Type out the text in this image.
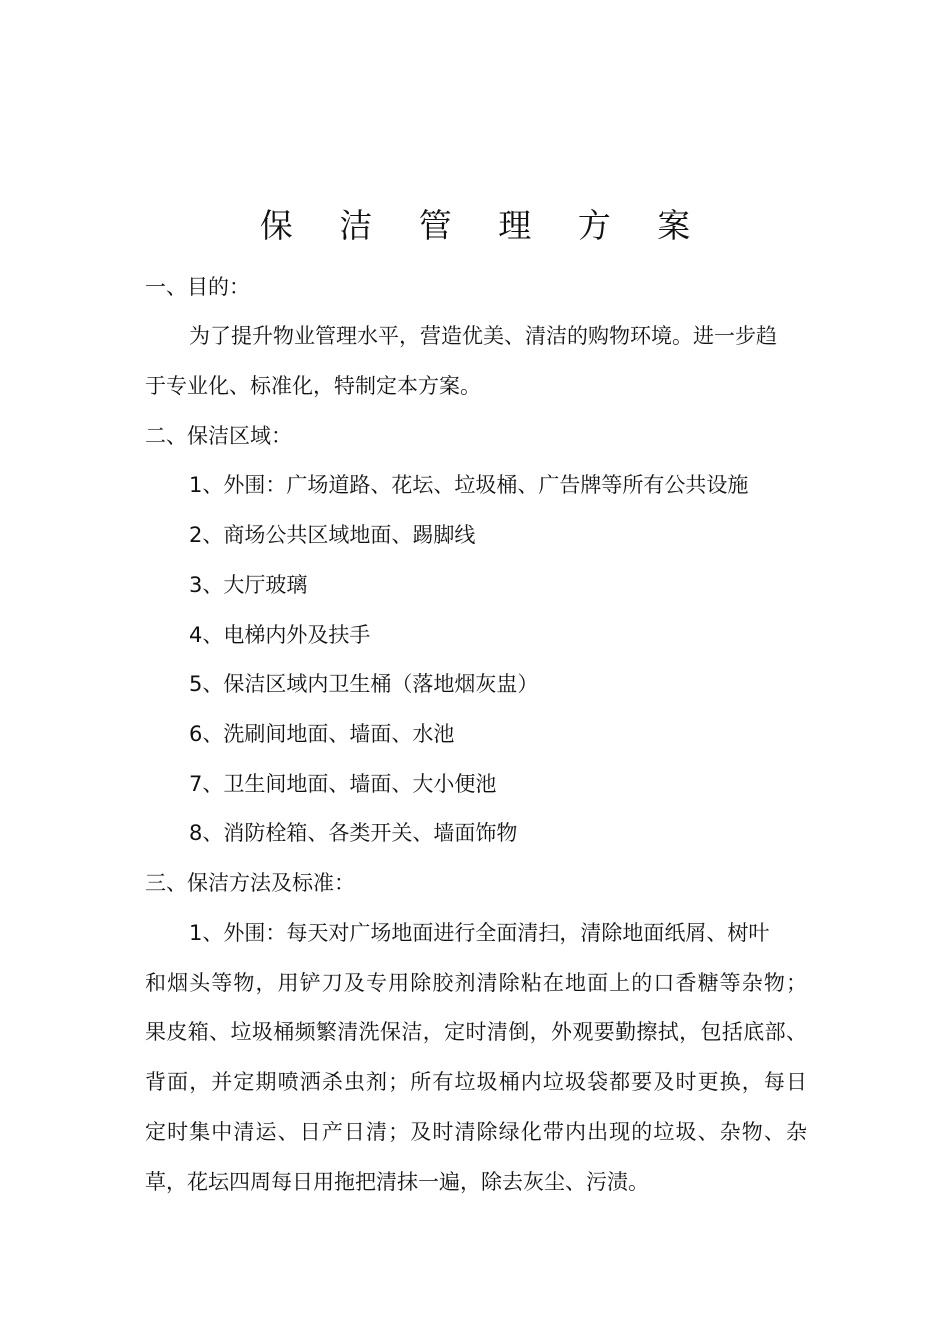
保 洁 管 理 方 案
一、目的：
为了提升物业管理水平，营造优美、清洁的购物环境。进一步趋
于专业化、标准化，特制定本方案。
二、保洁区域：
1、外围：广场道路、花坛、垃圾桶、广告牌等所有公共设施
2、商场公共区域地面、踢脚线
3、大厅玻璃
4、电梯内外及扶手
5、保洁区域内卫生桶（落地烟灰盅）
6、洗刷间地面、墙面、水池
7、卫生间地面、墙面、大小便池
8、消防栓箱、各类开关、墙面饰物
三、保洁方法及标准：
1、外围：每天对广场地面进行全面清扫，清除地面纸屑、树叶
和烟头等物，用铲刀及专用除胶剂清除粘在地面上的口香糖等杂物；
果皮箱、垃圾桶频繁清洗保洁，定时清倒，外观要勤擦拭，包括底部、
背面，并定期喷洒杀虫剂；所有垃圾桶内垃圾袋都要及时更换，每日
定时集中清运、日产日清；及时清除绿化带内出现的垃圾、杂物、杂
草，花坛四周每日用拖把清抹一遍，除去灰尘、污渍。
